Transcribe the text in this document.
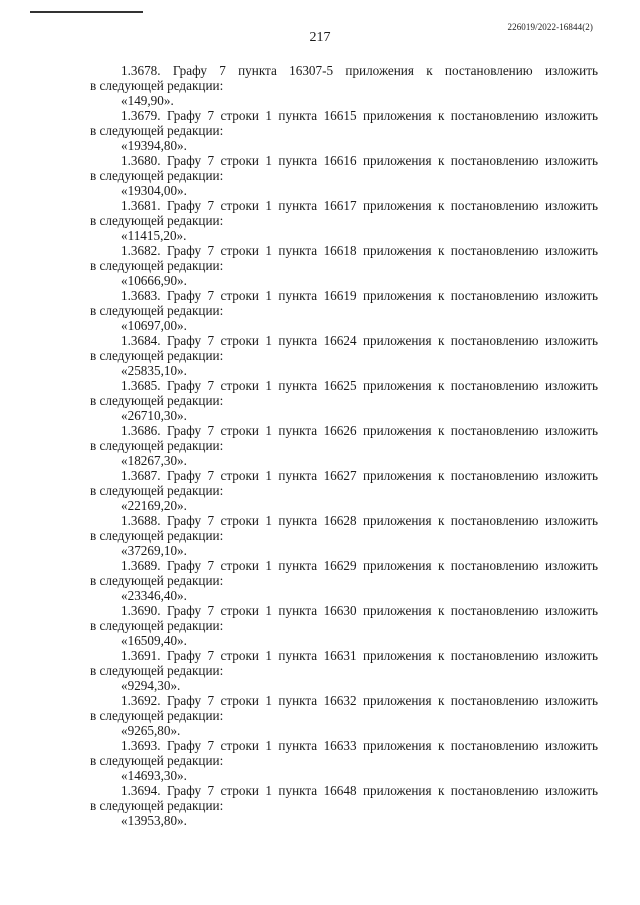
217
226019/2022-16844(2)
1.3678. Графу 7 пункта 16307-5 приложения к постановлению изложить
в следующей редакции:
«149,90».
1.3679. Графу 7 строки 1 пункта 16615 приложения к постановлению изложить
в следующей редакции:
«19394,80».
1.3680. Графу 7 строки 1 пункта 16616 приложения к постановлению изложить
в следующей редакции:
«19304,00».
1.3681. Графу 7 строки 1 пункта 16617 приложения к постановлению изложить
в следующей редакции:
«11415,20».
1.3682. Графу 7 строки 1 пункта 16618 приложения к постановлению изложить
в следующей редакции:
«10666,90».
1.3683. Графу 7 строки 1 пункта 16619 приложения к постановлению изложить
в следующей редакции:
«10697,00».
1.3684. Графу 7 строки 1 пункта 16624 приложения к постановлению изложить
в следующей редакции:
«25835,10».
1.3685. Графу 7 строки 1 пункта 16625 приложения к постановлению изложить
в следующей редакции:
«26710,30».
1.3686. Графу 7 строки 1 пункта 16626 приложения к постановлению изложить
в следующей редакции:
«18267,30».
1.3687. Графу 7 строки 1 пункта 16627 приложения к постановлению изложить
в следующей редакции:
«22169,20».
1.3688. Графу 7 строки 1 пункта 16628 приложения к постановлению изложить
в следующей редакции:
«37269,10».
1.3689. Графу 7 строки 1 пункта 16629 приложения к постановлению изложить
в следующей редакции:
«23346,40».
1.3690. Графу 7 строки 1 пункта 16630 приложения к постановлению изложить
в следующей редакции:
«16509,40».
1.3691. Графу 7 строки 1 пункта 16631 приложения к постановлению изложить
в следующей редакции:
«9294,30».
1.3692. Графу 7 строки 1 пункта 16632 приложения к постановлению изложить
в следующей редакции:
«9265,80».
1.3693. Графу 7 строки 1 пункта 16633 приложения к постановлению изложить
в следующей редакции:
«14693,30».
1.3694. Графу 7 строки 1 пункта 16648 приложения к постановлению изложить
в следующей редакции:
«13953,80».
